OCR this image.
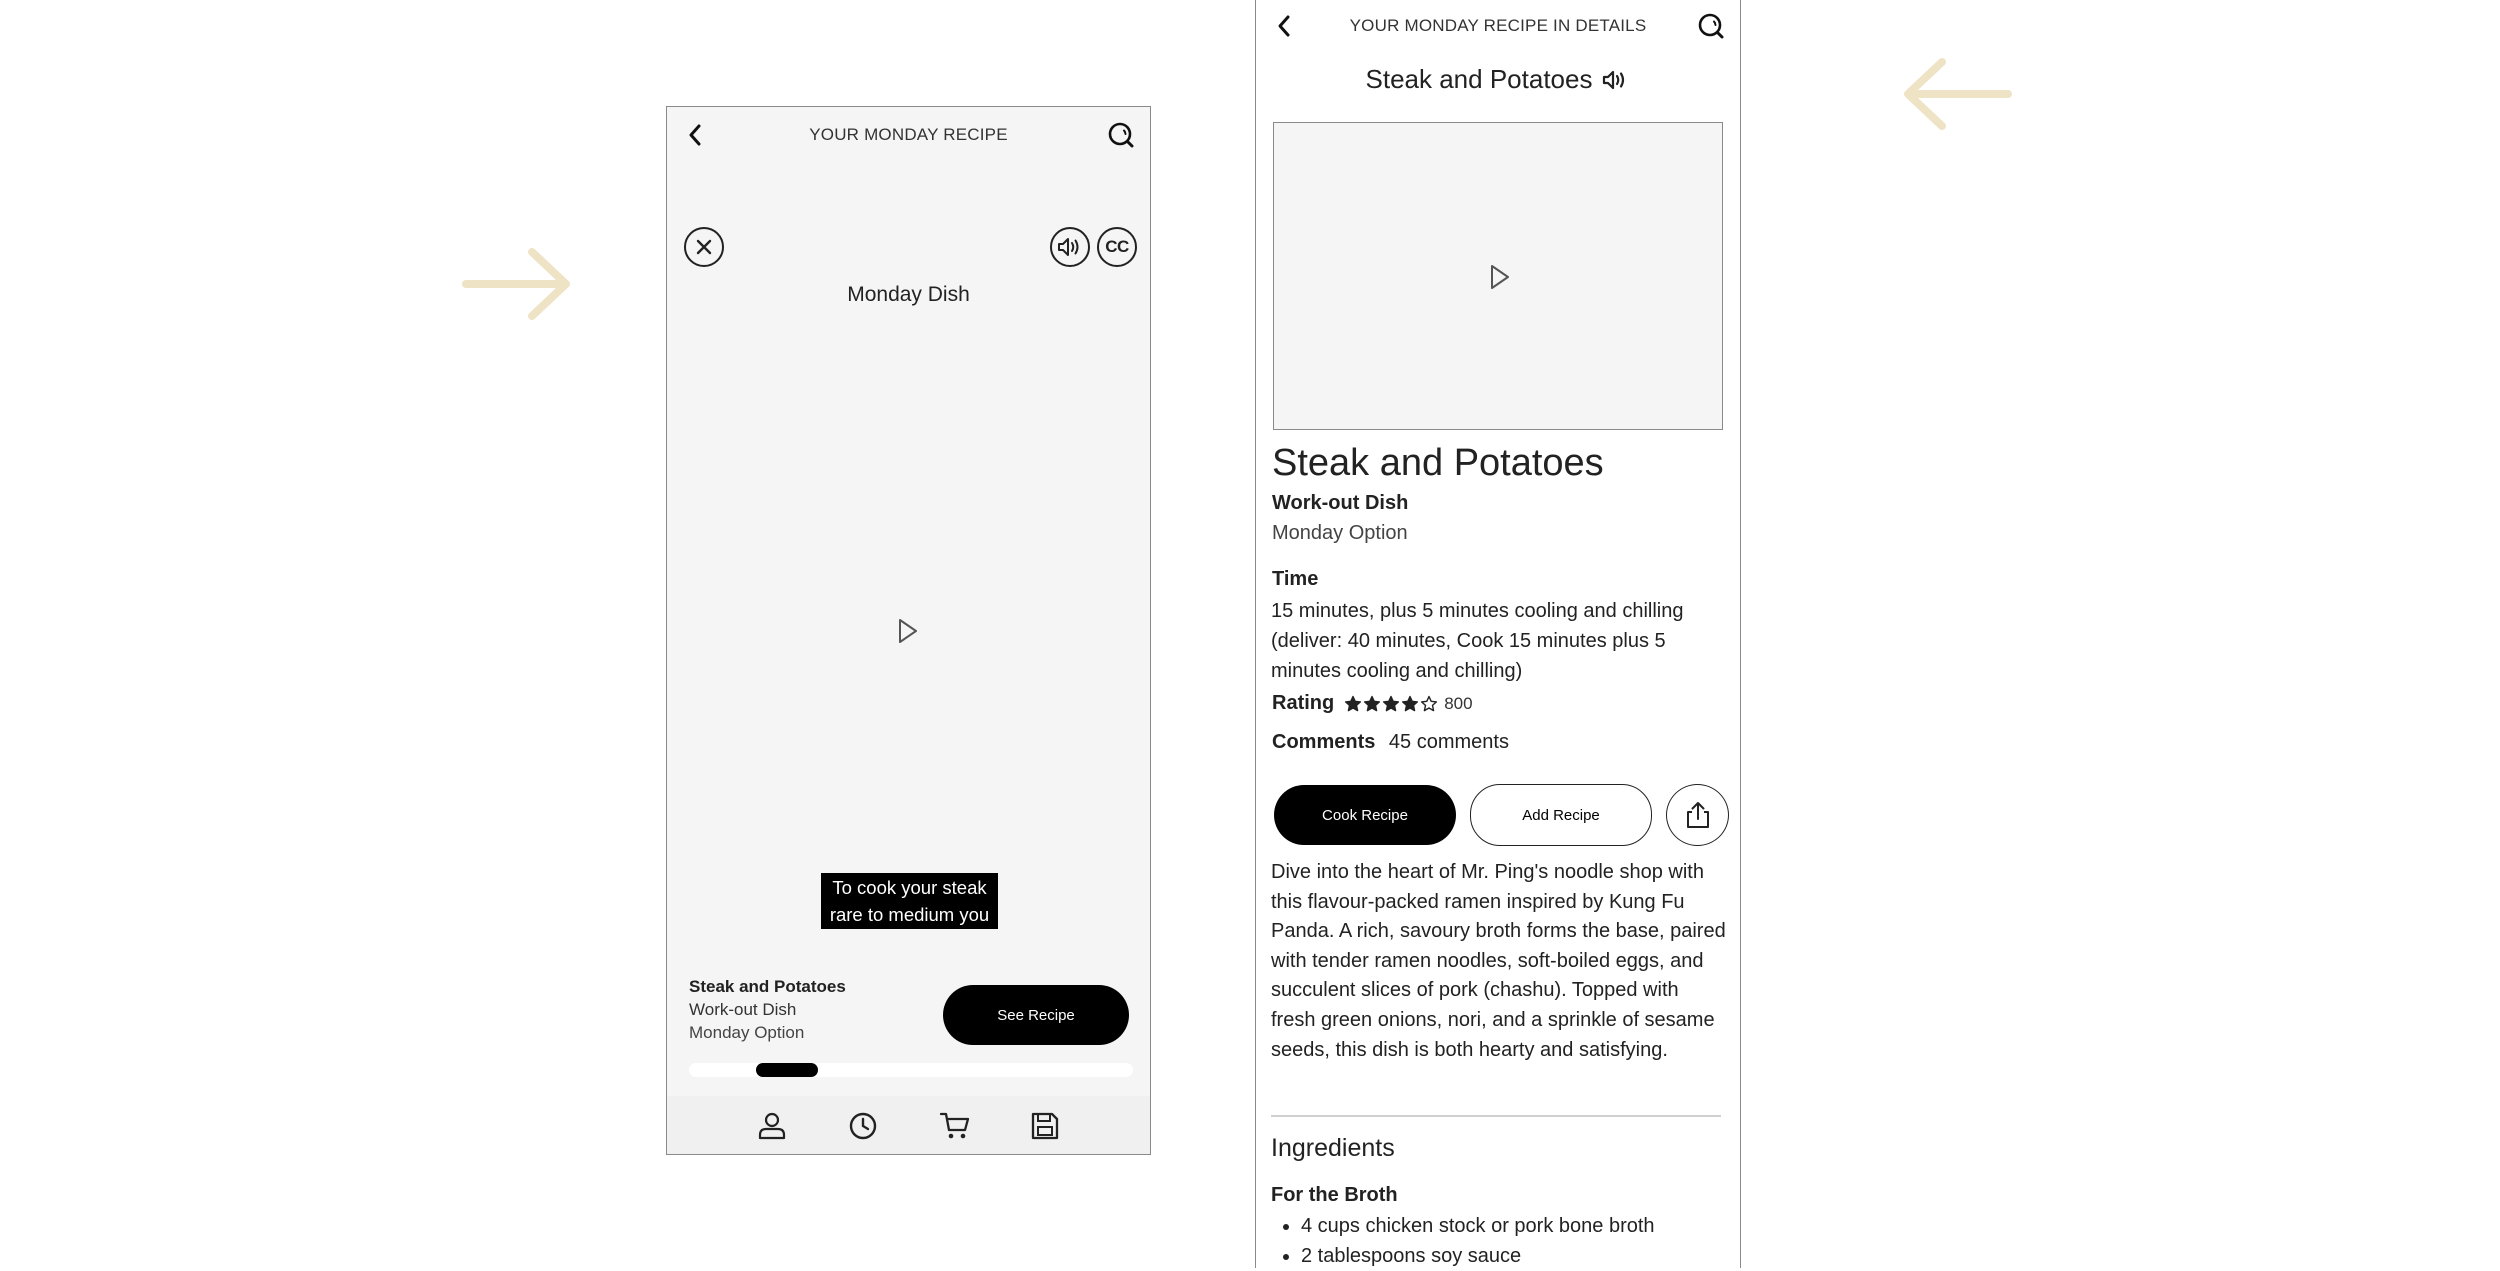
YOUR MONDAY RECIPE
Monday Dish
CC
To cook your steak
rare to medium you
Steak and Potatoes
Work-out Dish
Monday Option
See Recipe
YOUR MONDAY RECIPE IN DETAILS
Steak and Potatoes
Steak and Potatoes
Work-out Dish
Monday Option
Time
15 minutes, plus 5 minutes cooling and chilling (deliver: 40 minutes, Cook 15 minutes plus 5 minutes cooling and chilling)
Rating	800
Comments 45 comments
Cook Recipe	Add Recipe
Dive into the heart of Mr. Ping's noodle shop with this flavour-packed ramen inspired by Kung Fu Panda. A rich, savoury broth forms the base, paired with tender ramen noodles, soft-boiled eggs, and succulent slices of pork (chashu). Topped with fresh green onions, nori, and a sprinkle of sesame seeds, this dish is both hearty and satisfying.
Ingredients
For the Broth
• 4 cups chicken stock or pork bone broth
• 2 tablespoons soy sauce
